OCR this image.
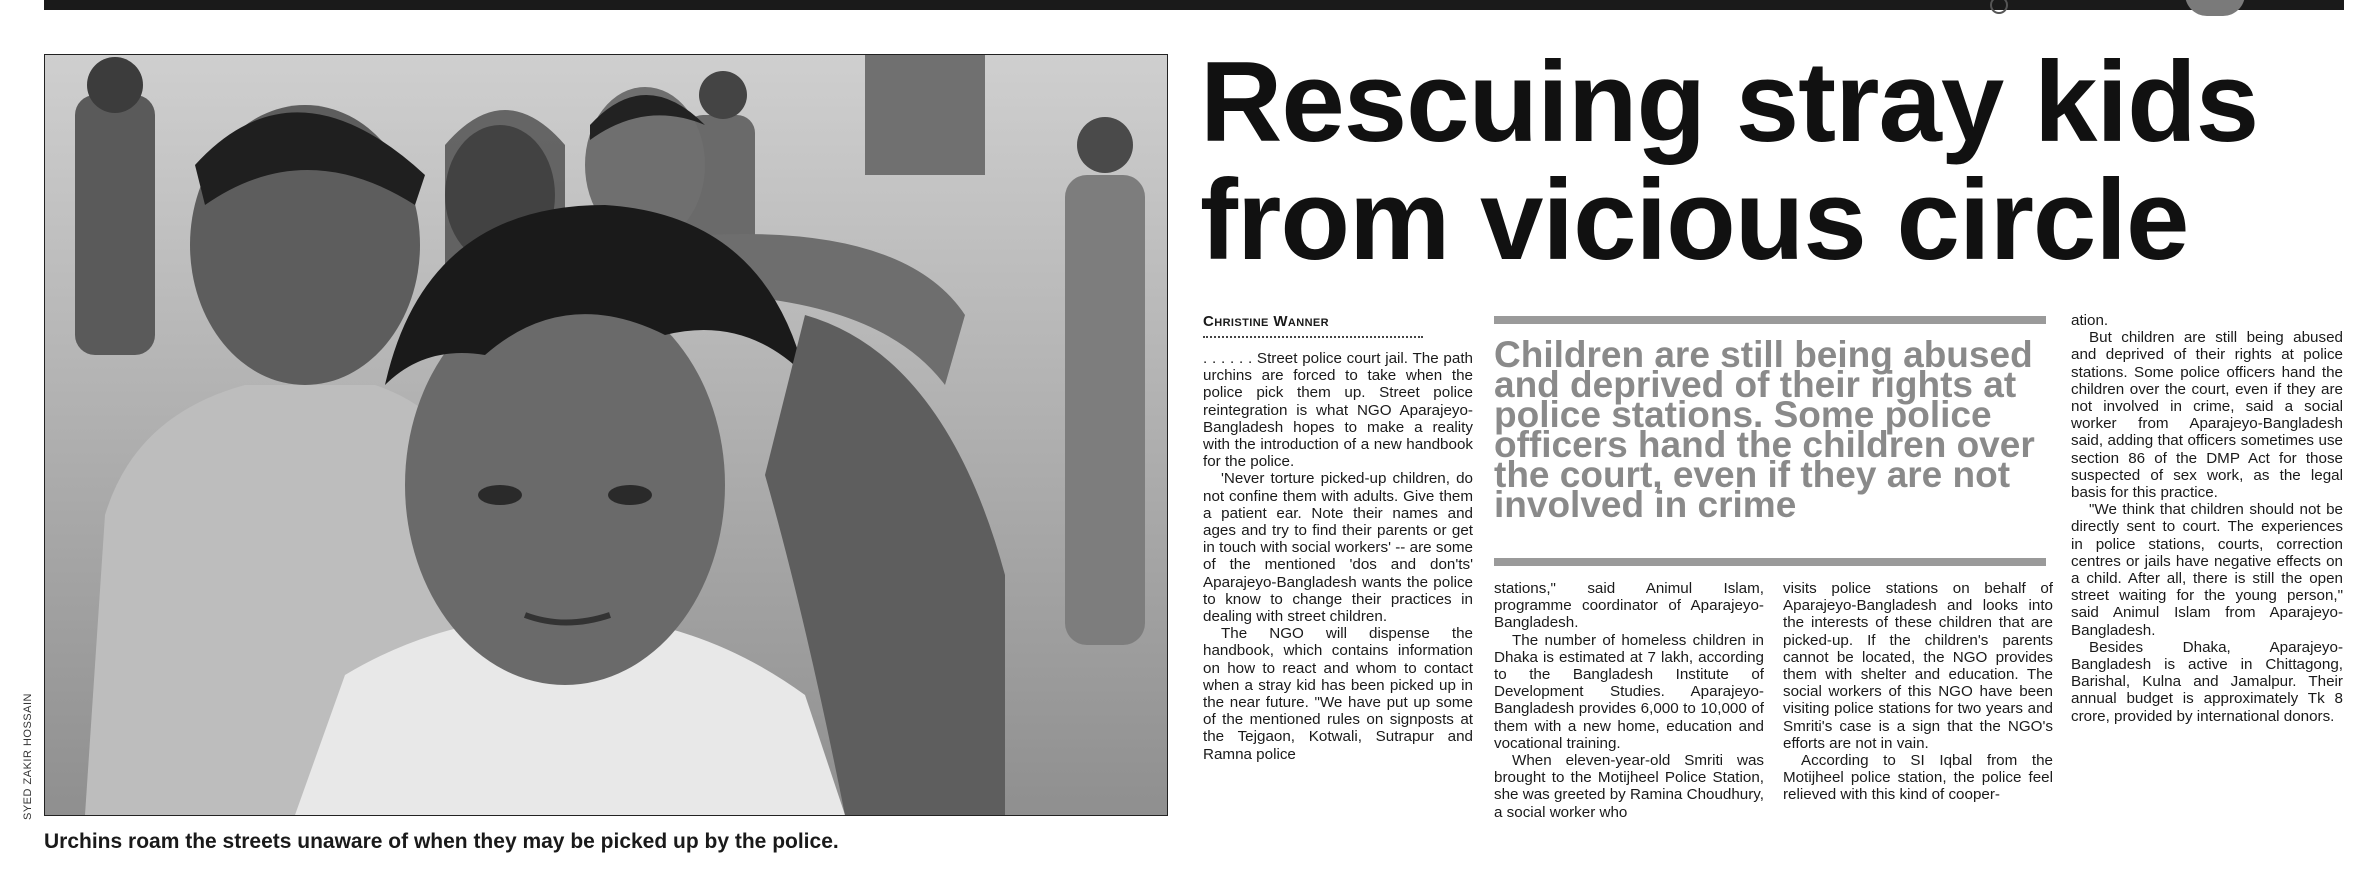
SYED ZAKIR HOSSAIN
Urchins roam the streets unaware of when they may be picked up by the police.
Rescuing stray kids
from vicious circle
Christine Wanner

. . . . . . Street police court jail. The path urchins are forced to take when the police pick them up. Street police reintegration is what NGO Aparajeyo-Bangladesh hopes to make a reality with the introduction of a new handbook for the police.

'Never torture picked-up children, do not confine them with adults. Give them a patient ear. Note their names and ages and try to find their parents or get in touch with social workers' -- are some of the mentioned 'dos and don'ts' Aparajeyo-Bangladesh wants the police to know to change their practices in dealing with street children.

The NGO will dispense the handbook, which contains information on how to react and whom to contact when a stray kid has been picked up in the near future. "We have put up some of the mentioned rules on signposts at the Tejgaon, Kotwali, Sutrapur and Ramna police

Children are still being abused and deprived of their rights at police stations. Some police officers hand the children over the court, even if they are not involved in crime

stations," said Animul Islam, programme coordinator of Aparajeyo-Bangladesh.

The number of homeless children in Dhaka is estimated at 7 lakh, according to the Bangladesh Institute of Development Studies. Aparajeyo-Bangladesh provides 6,000 to 10,000 of them with a new home, education and vocational training.

When eleven-year-old Smriti was brought to the Motijheel Police Station, she was greeted by Ramina Choudhury, a social worker who

visits police stations on behalf of Aparajeyo-Bangladesh and looks into the interests of these children that are picked-up. If the children's parents cannot be located, the NGO provides them with shelter and education. The social workers of this NGO have been visiting police stations for two years and Smriti's case is a sign that the NGO's efforts are not in vain.

According to SI Iqbal from the Motijheel police station, the police feel relieved with this kind of cooper-

ation.

But children are still being abused and deprived of their rights at police stations. Some police officers hand the children over the court, even if they are not involved in crime, said a social worker from Aparajeyo-Bangladesh said, adding that officers sometimes use section 86 of the DMP Act for those suspected of sex work, as the legal basis for this practice.

"We think that children should not be directly sent to court. The experiences in police stations, courts, correction centres or jails have negative effects on a child. After all, there is still the open street waiting for the young person," said Animul Islam from Aparajeyo-Bangladesh.

Besides Dhaka, Aparajeyo-Bangladesh is active in Chittagong, Barishal, Kulna and Jamalpur. Their annual budget is approximately Tk 8 crore, provided by international donors.
